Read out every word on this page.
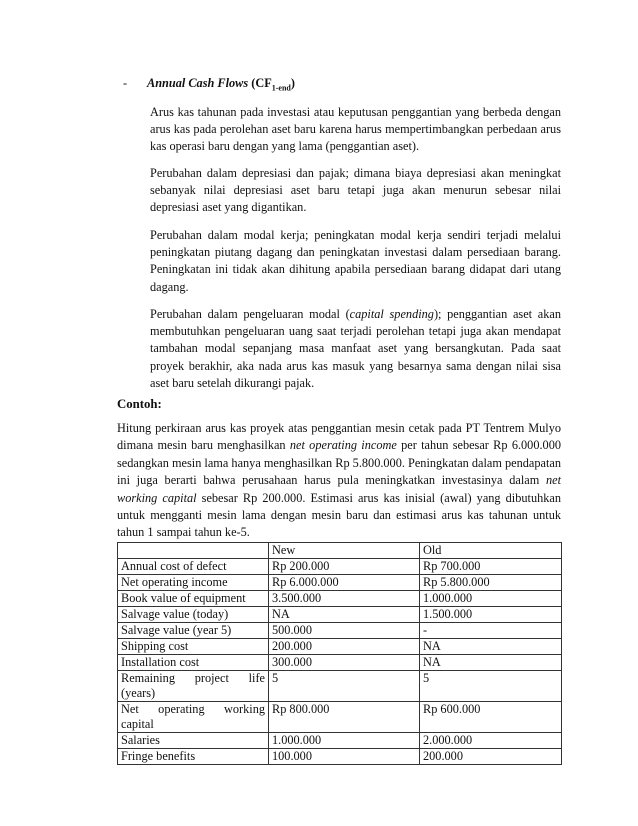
- Annual Cash Flows $(CF_{1-end})$

Arus kas tahunan pada investasi atau keputusan penggantian yang berbeda dengan arus kas pada perolehan aset baru karena harus mempertimbangkan perbedaan arus kas operasi baru dengan yang lama (penggantian aset).

Perubahan dalam depresiasi dan pajak; dimana biaya depresiasi akan meningkat sebanyak nilai depresiasi aset baru tetapi juga akan menurun sebesar nilai depresiasi aset yang digantikan.

Perubahan dalam modal kerja; peningkatan modal kerja sendiri terjadi melalui peningkatan piutang dagang dan peningkatan investasi dalam persediaan barang. Peningkatan ini tidak akan dihitung apabila persediaan barang didapat dari utang dagang.

Perubahan dalam pengeluaran modal (capital spending); penggantian aset akan membutuhkan pengeluaran uang saat terjadi perolehan tetapi juga akan mendapat tambahan modal sepanjang masa manfaat aset yang bersangkutan. Pada saat proyek berakhir, aka nada arus kas masuk yang besarnya sama dengan nilai sisa aset baru setelah dikurangi pajak.

Contoh:

Hitung perkiraan arus kas proyek atas penggantian mesin cetak pada PT Tentrem Mulyo dimana mesin baru menghasilkan net operating income per tahun sebesar Rp 6.000.000 sedangkan mesin lama hanya menghasilkan Rp 5.800.000. Peningkatan dalam pendapatan ini juga berarti bahwa perusahaan harus pula meningkatkan investasinya dalam net working capital sebesar Rp 200.000. Estimasi arus kas inisial (awal) yang dibutuhkan untuk mengganti mesin lama dengan mesin baru dan estimasi arus kas tahunan untuk tahun 1 sampai tahun ke-5.

	New	Old
Annual cost of defect	Rp 200.000	Rp 700.000
Net operating income	Rp 6.000.000	Rp 5.800.000
Book value of equipment	3.500.000	1.000.000
Salvage value (today)	NA	1.500.000
Salvage value (year 5)	500.000	-
Shipping cost	200.000	NA
Installation cost	300.000	NA

Remaining project life
(years)	5	5

Net operating working
capital	Rp 800.000	Rp 600.000
Salaries	1.000.000	2.000.000
Fringe benefits	100.000	200.000
